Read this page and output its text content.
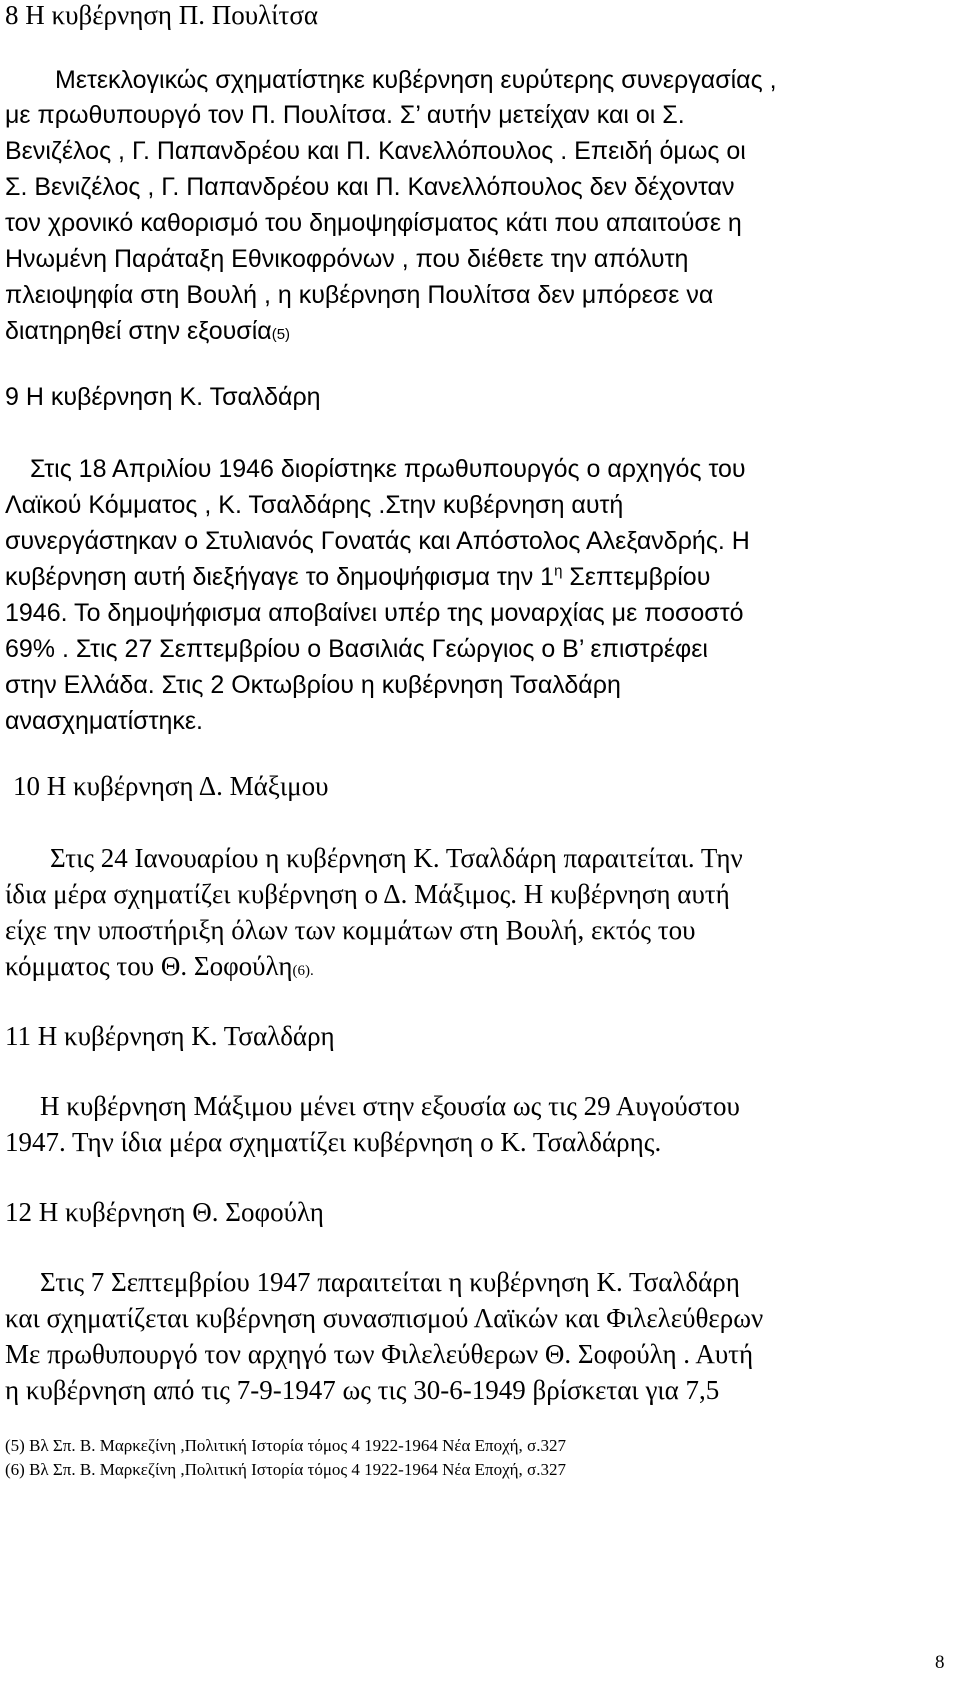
8 Η κυβέρνηση Π. Πουλίτσα
Μετεκλογικώς σχηματίστηκε κυβέρνηση ευρύτερης συνεργασίας ,
με πρωθυπουργό τον Π. Πουλίτσα. Σ’ αυτήν μετείχαν και οι Σ.
Βενιζέλος , Γ. Παπανδρέου και Π. Κανελλόπουλος . Επειδή όμως οι
Σ. Βενιζέλος , Γ. Παπανδρέου και Π. Κανελλόπουλος δεν δέχονταν
τον χρονικό καθορισμό του δημοψηφίσματος κάτι που απαιτούσε η
Ηνωμένη Παράταξη Εθνικοφρόνων , που διέθετε την απόλυτη
πλειοψηφία στη Βουλή , η κυβέρνηση Πουλίτσα δεν μπόρεσε να
διατηρηθεί στην εξουσία(5)
9 Η κυβέρνηση Κ. Τσαλδάρη
Στις 18 Απριλίου 1946 διορίστηκε πρωθυπουργός ο αρχηγός του
Λαϊκού Κόμματος , Κ. Τσαλδάρης .Στην κυβέρνηση αυτή
συνεργάστηκαν ο Στυλιανός Γονατάς και Απόστολος Αλεξανδρής. Η
κυβέρνηση αυτή διεξήγαγε το δημοψήφισμα την $1^\eta$ Σεπτεμβρίου
1946. Το δημοψήφισμα αποβαίνει υπέρ της μοναρχίας με ποσοστό
69% . Στις 27 Σεπτεμβρίου ο Βασιλιάς Γεώργιος ο Β’ επιστρέφει
στην Ελλάδα. Στις 2 Οκτωβρίου η κυβέρνηση Τσαλδάρη
ανασχηματίστηκε.
10 Η κυβέρνηση Δ. Μάξιμου
Στις 24 Ιανουαρίου η κυβέρνηση Κ. Τσαλδάρη παραιτείται. Την
ίδια μέρα σχηματίζει κυβέρνηση ο Δ. Μάξιμος. Η κυβέρνηση αυτή
είχε την υποστήριξη όλων των κομμάτων στη Βουλή, εκτός του
κόμματος του Θ. Σοφούλη(6).
11 Η κυβέρνηση Κ. Τσαλδάρη
Η κυβέρνηση Μάξιμου μένει στην εξουσία ως τις 29 Αυγούστου
1947. Την ίδια μέρα σχηματίζει κυβέρνηση ο Κ. Τσαλδάρης.
12 Η κυβέρνηση Θ. Σοφούλη
Στις 7 Σεπτεμβρίου 1947 παραιτείται η κυβέρνηση Κ. Τσαλδάρη
και σχηματίζεται κυβέρνηση συνασπισμού Λαϊκών και Φιλελεύθερων
Με πρωθυπουργό τον αρχηγό των Φιλελεύθερων Θ. Σοφούλη . Αυτή
η κυβέρνηση από τις 7-9-1947 ως τις 30-6-1949 βρίσκεται για 7,5
(5) Βλ Σπ. Β. Μαρκεζίνη ,Πολιτική Ιστορία τόμος 4 1922-1964 Νέα Εποχή, σ.327
(6) Βλ Σπ. Β. Μαρκεζίνη ,Πολιτική Ιστορία τόμος 4 1922-1964 Νέα Εποχή, σ.327
8
